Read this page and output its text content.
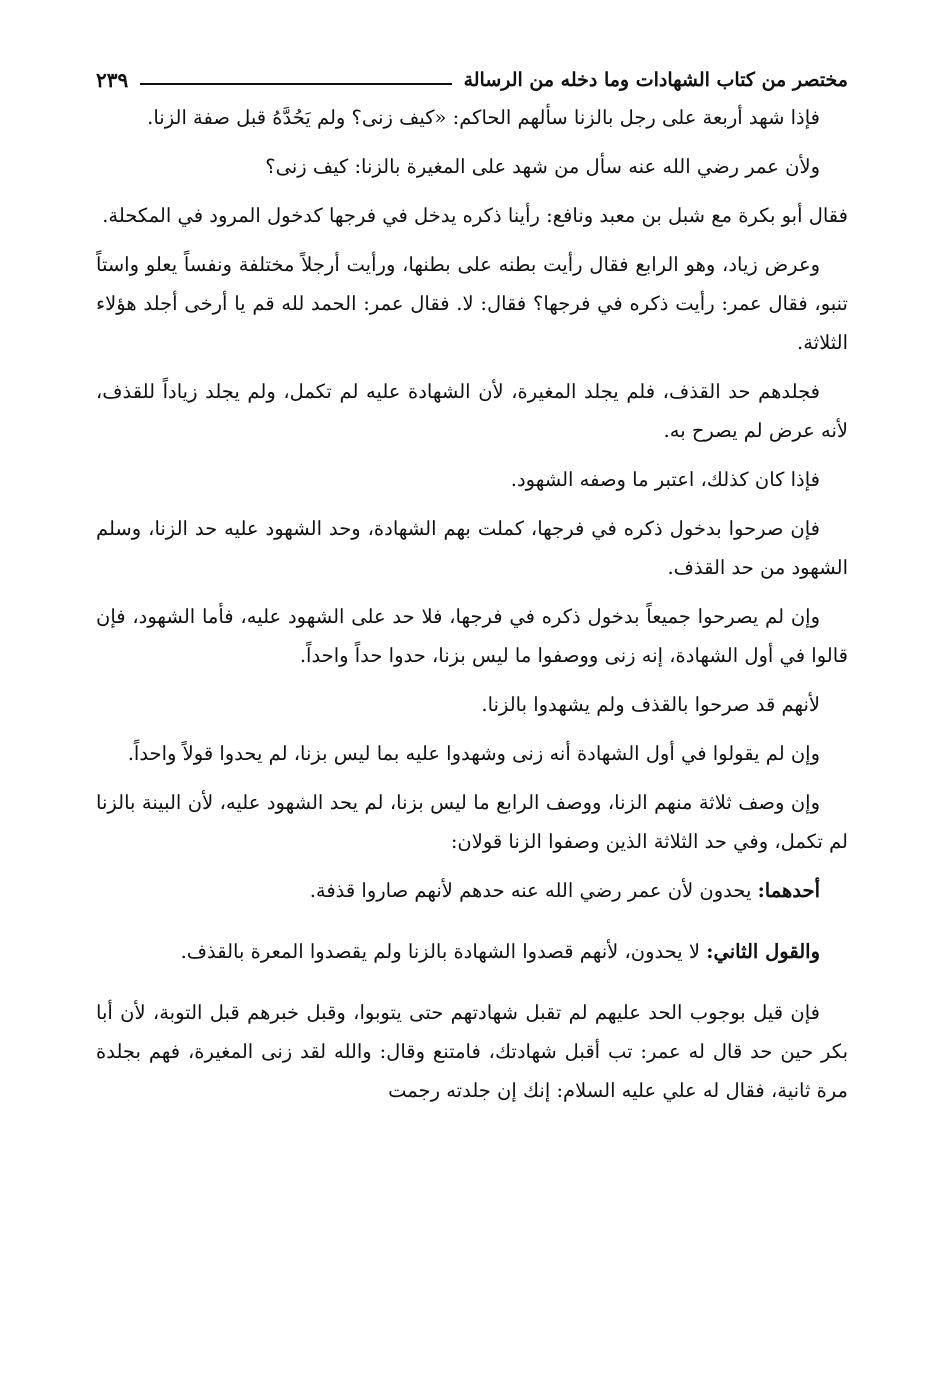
مختصر من كتاب الشهادات وما دخله من الرسالة
٢٣٩

فإذا شهد أربعة على رجل بالزنا سألهم الحاكم: «كيف زنى؟ ولم يَحُدَّهُ قبل صفة الزنا.

ولأن عمر رضي الله عنه سأل من شهد على المغيرة بالزنا: كيف زنى؟

فقال أبو بكرة مع شبل بن معبد ونافع: رأينا ذكره يدخل في فرجها كدخول المرود في المكحلة.

وعرض زياد، وهو الرابع فقال رأيت بطنه على بطنها، ورأيت أرجلاً مختلفة ونفساً يعلو واستاً تنبو، فقال عمر: رأيت ذكره في فرجها؟ فقال: لا. فقال عمر: الحمد لله قم يا أرخى أجلد هؤلاء الثلاثة.

فجلدهم حد القذف، فلم يجلد المغيرة، لأن الشهادة عليه لم تكمل، ولم يجلد زياداً للقذف، لأنه عرض لم يصرح به.

فإذا كان كذلك، اعتبر ما وصفه الشهود.

فإن صرحوا بدخول ذكره في فرجها، كملت بهم الشهادة، وحد الشهود عليه حد الزنا، وسلم الشهود من حد القذف.

وإن لم يصرحوا جميعاً بدخول ذكره في فرجها، فلا حد على الشهود عليه، فأما الشهود، فإن قالوا في أول الشهادة، إنه زنى ووصفوا ما ليس بزنا، حدوا حداً واحداً.

لأنهم قد صرحوا بالقذف ولم يشهدوا بالزنا.

وإن لم يقولوا في أول الشهادة أنه زنى وشهدوا عليه بما ليس بزنا، لم يحدوا قولاً واحداً.

وإن وصف ثلاثة منهم الزنا، ووصف الرابع ما ليس بزنا، لم يحد الشهود عليه، لأن البينة بالزنا لم تكمل، وفي حد الثلاثة الذين وصفوا الزنا قولان:

أحدهما: يحدون لأن عمر رضي الله عنه حدهم لأنهم صاروا قذفة.

والقول الثاني: لا يحدون، لأنهم قصدوا الشهادة بالزنا ولم يقصدوا المعرة بالقذف.

فإن قيل بوجوب الحد عليهم لم تقبل شهادتهم حتى يتوبوا، وقبل خبرهم قبل التوبة، لأن أبا بكر حين حد قال له عمر: تب أقبل شهادتك، فامتنع وقال: والله لقد زنى المغيرة، فهم بجلدة مرة ثانية، فقال له علي عليه السلام: إنك إن جلدته رجمت
